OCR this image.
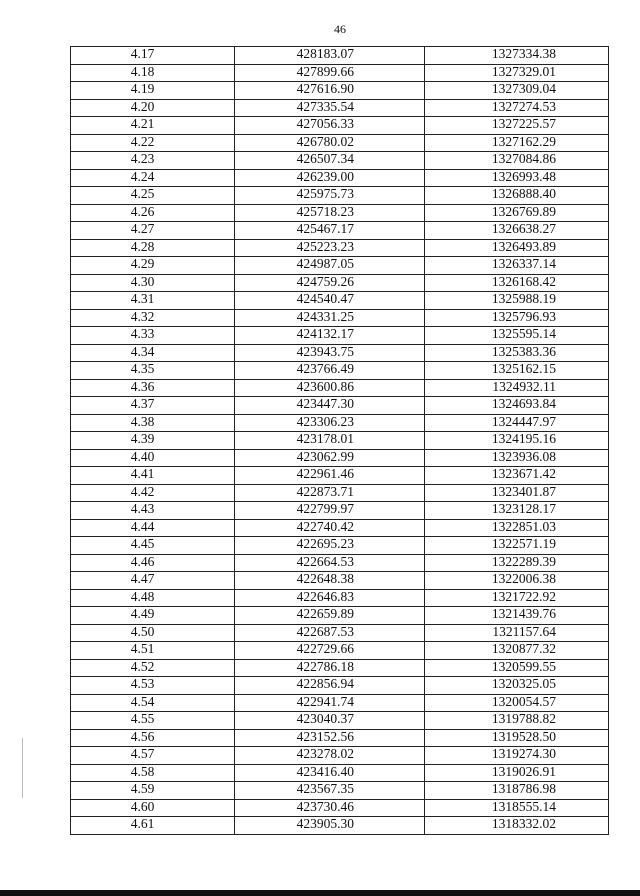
46
4.17	428183.07	1327334.38
4.18	427899.66	1327329.01
4.19	427616.90	1327309.04
4.20	427335.54	1327274.53
4.21	427056.33	1327225.57
4.22	426780.02	1327162.29
4.23	426507.34	1327084.86
4.24	426239.00	1326993.48
4.25	425975.73	1326888.40
4.26	425718.23	1326769.89
4.27	425467.17	1326638.27
4.28	425223.23	1326493.89
4.29	424987.05	1326337.14
4.30	424759.26	1326168.42
4.31	424540.47	1325988.19
4.32	424331.25	1325796.93
4.33	424132.17	1325595.14
4.34	423943.75	1325383.36
4.35	423766.49	1325162.15
4.36	423600.86	1324932.11
4.37	423447.30	1324693.84
4.38	423306.23	1324447.97
4.39	423178.01	1324195.16
4.40	423062.99	1323936.08
4.41	422961.46	1323671.42
4.42	422873.71	1323401.87
4.43	422799.97	1323128.17
4.44	422740.42	1322851.03
4.45	422695.23	1322571.19
4.46	422664.53	1322289.39
4.47	422648.38	1322006.38
4.48	422646.83	1321722.92
4.49	422659.89	1321439.76
4.50	422687.53	1321157.64
4.51	422729.66	1320877.32
4.52	422786.18	1320599.55
4.53	422856.94	1320325.05
4.54	422941.74	1320054.57
4.55	423040.37	1319788.82
4.56	423152.56	1319528.50
4.57	423278.02	1319274.30
4.58	423416.40	1319026.91
4.59	423567.35	1318786.98
4.60	423730.46	1318555.14
4.61	423905.30	1318332.02
